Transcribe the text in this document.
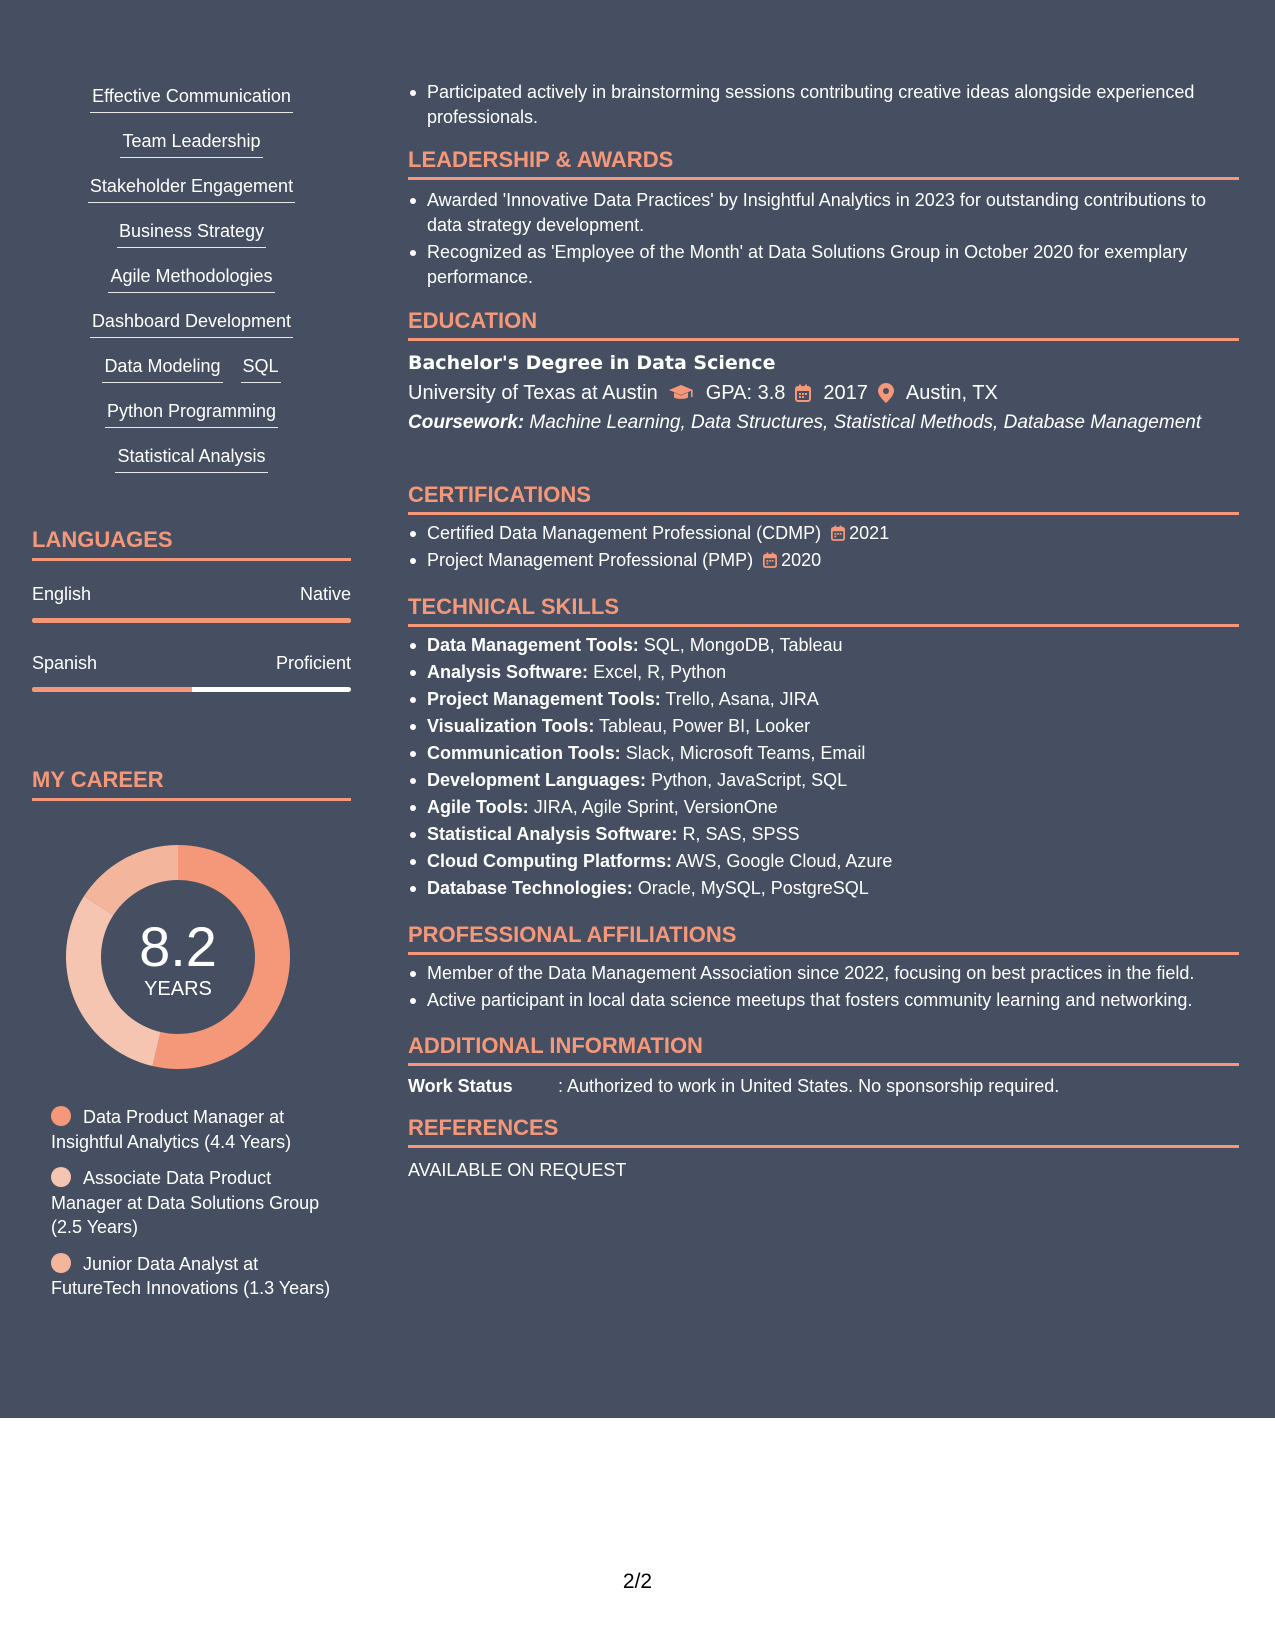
Effective Communication
Team Leadership
Stakeholder Engagement
Business Strategy
Agile Methodologies
Dashboard Development
Data Modeling SQL
Python Programming
Statistical Analysis
LANGUAGES
English	Native
Spanish	Proficient
MY CAREER
8.2
YEARS
Data Product Manager at Insightful Analytics (4.4 Years)
Associate Data Product Manager at Data Solutions Group (2.5 Years)
Junior Data Analyst at FutureTech Innovations (1.3 Years)
Participated actively in brainstorming sessions contributing creative ideas alongside experienced professionals.
LEADERSHIP & AWARDS
Awarded 'Innovative Data Practices' by Insightful Analytics in 2023 for outstanding contributions to data strategy development.
Recognized as 'Employee of the Month' at Data Solutions Group in October 2020 for exemplary performance.
EDUCATION
Bachelor's Degree in Data Science
University of Texas at Austin GPA: 3.8 2017 Austin, TX
Coursework: Machine Learning, Data Structures, Statistical Methods, Database Management
CERTIFICATIONS
Certified Data Management Professional (CDMP) 2021
Project Management Professional (PMP) 2020
TECHNICAL SKILLS
Data Management Tools: SQL, MongoDB, Tableau
Analysis Software: Excel, R, Python
Project Management Tools: Trello, Asana, JIRA
Visualization Tools: Tableau, Power BI, Looker
Communication Tools: Slack, Microsoft Teams, Email
Development Languages: Python, JavaScript, SQL
Agile Tools: JIRA, Agile Sprint, VersionOne
Statistical Analysis Software: R, SAS, SPSS
Cloud Computing Platforms: AWS, Google Cloud, Azure
Database Technologies: Oracle, MySQL, PostgreSQL
PROFESSIONAL AFFILIATIONS
Member of the Data Management Association since 2022, focusing on best practices in the field.
Active participant in local data science meetups that fosters community learning and networking.
ADDITIONAL INFORMATION
Work Status	: Authorized to work in United States. No sponsorship required.
REFERENCES
AVAILABLE ON REQUEST
2/2
